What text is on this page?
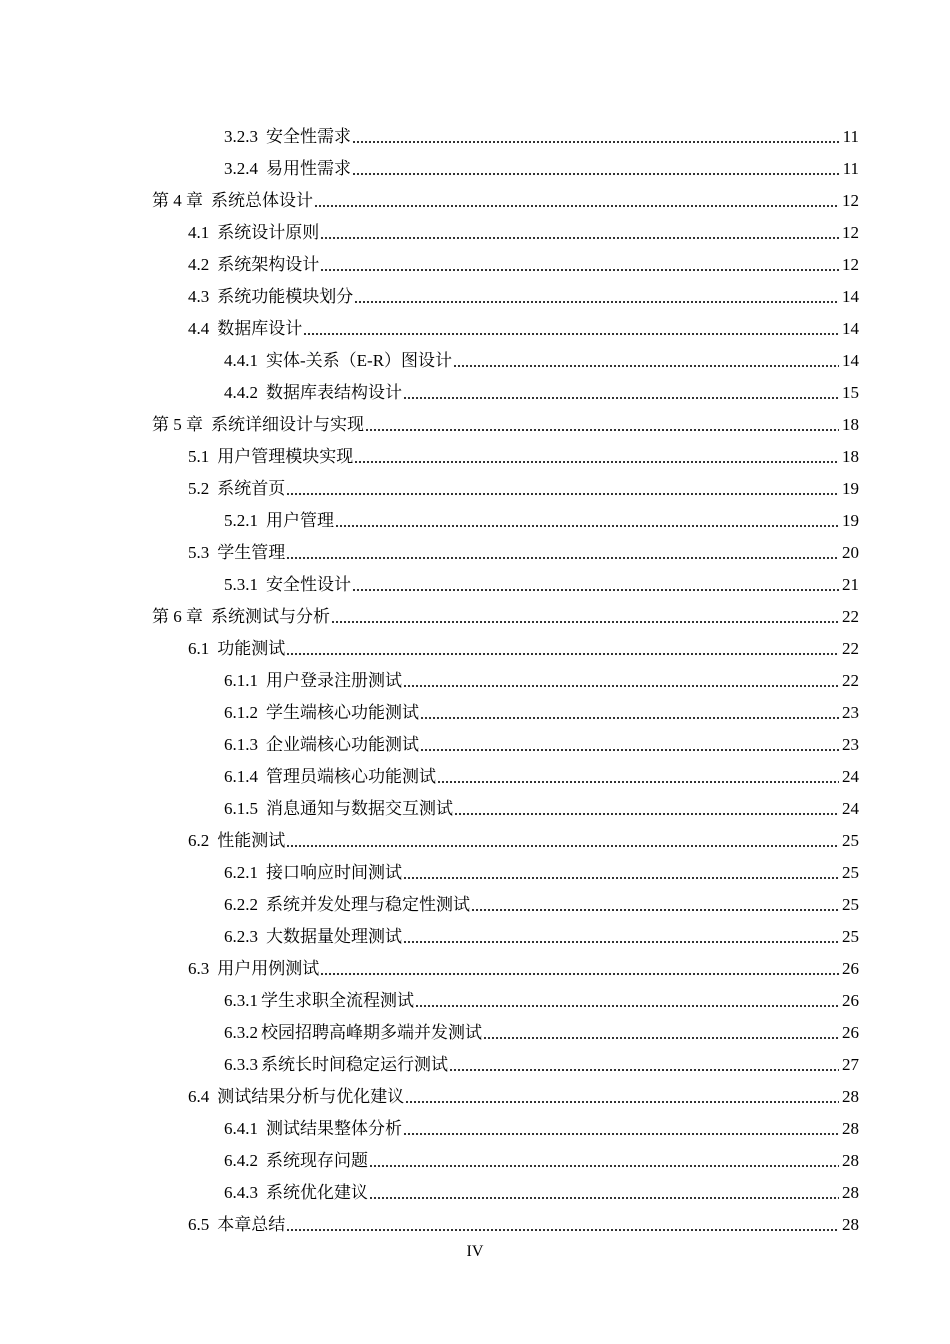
3.2.3 安全性需求	11
3.2.4 易用性需求	11
第 4 章 系统总体设计	12
4.1 系统设计原则	12
4.2 系统架构设计	12
4.3 系统功能模块划分	14
4.4 数据库设计	14
4.4.1 实体-关系（E-R）图设计	14
4.4.2 数据库表结构设计	15
第 5 章 系统详细设计与实现	18
5.1 用户管理模块实现	18
5.2 系统首页	19
5.2.1 用户管理	19
5.3 学生管理	20
5.3.1 安全性设计	21
第 6 章 系统测试与分析	22
6.1 功能测试	22
6.1.1 用户登录注册测试	22
6.1.2 学生端核心功能测试	23
6.1.3 企业端核心功能测试	23
6.1.4 管理员端核心功能测试	24
6.1.5 消息通知与数据交互测试	24
6.2 性能测试	25
6.2.1 接口响应时间测试	25
6.2.2 系统并发处理与稳定性测试	25
6.2.3 大数据量处理测试	25
6.3 用户用例测试	26
6.3.1 学生求职全流程测试	26
6.3.2 校园招聘高峰期多端并发测试	26
6.3.3 系统长时间稳定运行测试	27
6.4 测试结果分析与优化建议	28
6.4.1 测试结果整体分析	28
6.4.2 系统现存问题	28
6.4.3 系统优化建议	28
6.5 本章总结	28
IV
